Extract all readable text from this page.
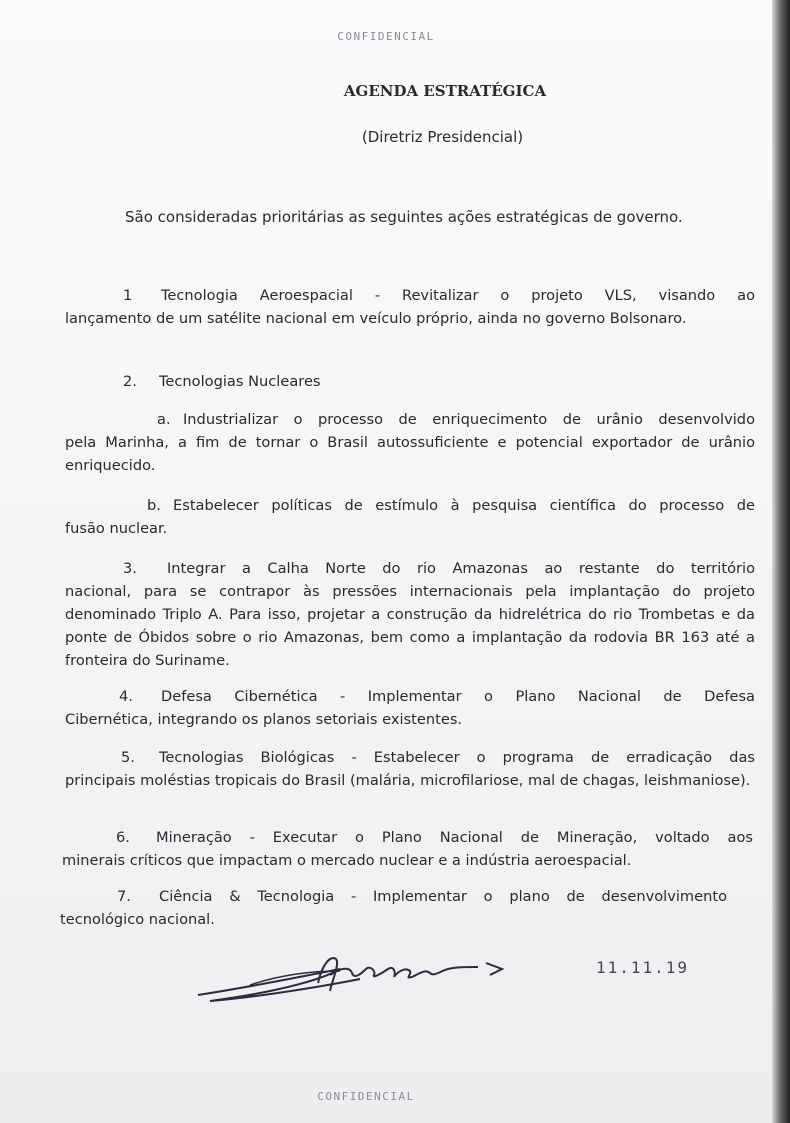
CONFIDENCIAL
AGENDA ESTRATÉGICA
(Diretriz Presidencial)
São consideradas prioritárias as seguintes ações estratégicas de governo.
1 Tecnologia Aeroespacial - Revitalizar o projeto VLS, visando ao
lançamento de um satélite nacional em veículo próprio, ainda no governo Bolsonaro.
2. Tecnologias Nucleares
a. Industrializar o processo de enriquecimento de urânio desenvolvido
pela Marinha, a fim de tornar o Brasil autossuficiente e potencial exportador de urânio enriquecido.
b. Estabelecer políticas de estímulo à pesquisa científica do processo de
fusão nuclear.
3. Integrar a Calha Norte do rio Amazonas ao restante do território
nacional, para se contrapor às pressões internacionais pela implantação do projeto denominado Triplo A. Para isso, projetar a construção da hidrelétrica do rio Trombetas e da ponte de Óbidos sobre o rio Amazonas, bem como a implantação da rodovia BR 163 até a fronteira do Suriname.
4. Defesa Cibernética - Implementar o Plano Nacional de Defesa
Cibernética, integrando os planos setoriais existentes.
5. Tecnologias Biológicas - Estabelecer o programa de erradicação das
principais moléstias tropicais do Brasil (malária, microfilariose, mal de chagas, leishmaniose).
6. Mineração - Executar o Plano Nacional de Mineração, voltado aos
minerais críticos que impactam o mercado nuclear e a indústria aeroespacial.
7. Ciência & Tecnologia - Implementar o plano de desenvolvimento
tecnológico nacional.
11.11.19
CONFIDENCIAL
